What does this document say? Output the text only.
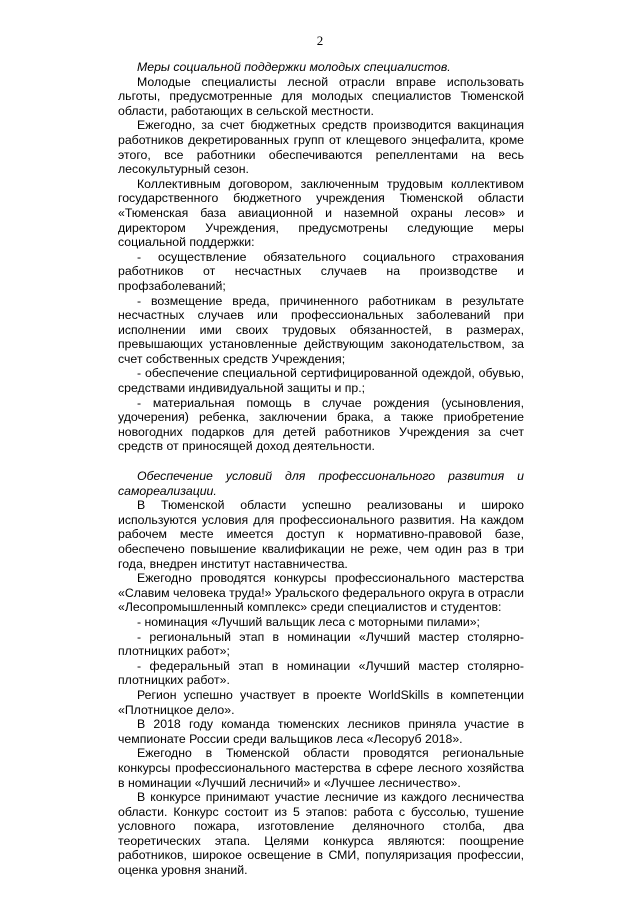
2

Меры социальной поддержки молодых специалистов.

Молодые специалисты лесной отрасли вправе использовать льготы, предусмотренные для молодых специалистов Тюменской области, работающих в сельской местности.

Ежегодно, за счет бюджетных средств производится вакцинация работников декретированных групп от клещевого энцефалита, кроме этого, все работники обеспечиваются репеллентами на весь лесокультурный сезон.

Коллективным договором, заключенным трудовым коллективом государственного бюджетного учреждения Тюменской области «Тюменская база авиационной и наземной охраны лесов» и директором Учреждения, предусмотрены следующие меры социальной поддержки:

- осуществление обязательного социального страхования работников от несчастных случаев на производстве и профзаболеваний;

- возмещение вреда, причиненного работникам в результате несчастных случаев или профессиональных заболеваний при исполнении ими своих трудовых обязанностей, в размерах, превышающих установленные действующим законодательством, за счет собственных средств Учреждения;

- обеспечение специальной сертифицированной одеждой, обувью, средствами индивидуальной защиты и пр.;

- материальная помощь в случае рождения (усыновления, удочерения) ребенка, заключении брака, а также приобретение новогодних подарков для детей работников Учреждения за счет средств от приносящей доход деятельности.

Обеспечение условий для профессионального развития и самореализации.

В Тюменской области успешно реализованы и широко используются условия для профессионального развития. На каждом рабочем месте имеется доступ к нормативно-правовой базе, обеспечено повышение квалификации не реже, чем один раз в три года, внедрен институт наставничества.

Ежегодно проводятся конкурсы профессионального мастерства «Славим человека труда!» Уральского федерального округа в отрасли «Лесопромышленный комплекс» среди специалистов и студентов:

- номинация «Лучший вальщик леса с моторными пилами»;

- региональный этап в номинации «Лучший мастер столярно-плотницких работ»;

- федеральный этап в номинации «Лучший мастер столярно-плотницких работ».

Регион успешно участвует в проекте WorldSkills в компетенции «Плотницкое дело».

В 2018 году команда тюменских лесников приняла участие в чемпионате России среди вальщиков леса «Лесоруб 2018».

Ежегодно в Тюменской области проводятся региональные конкурсы профессионального мастерства в сфере лесного хозяйства в номинации «Лучший лесничий» и «Лучшее лесничество».

В конкурсе принимают участие лесничие из каждого лесничества области. Конкурс состоит из 5 этапов: работа с буссолью, тушение условного пожара, изготовление деляночного столба, два теоретических этапа. Целями конкурса являются: поощрение работников, широкое освещение в СМИ, популяризация профессии, оценка уровня знаний.
